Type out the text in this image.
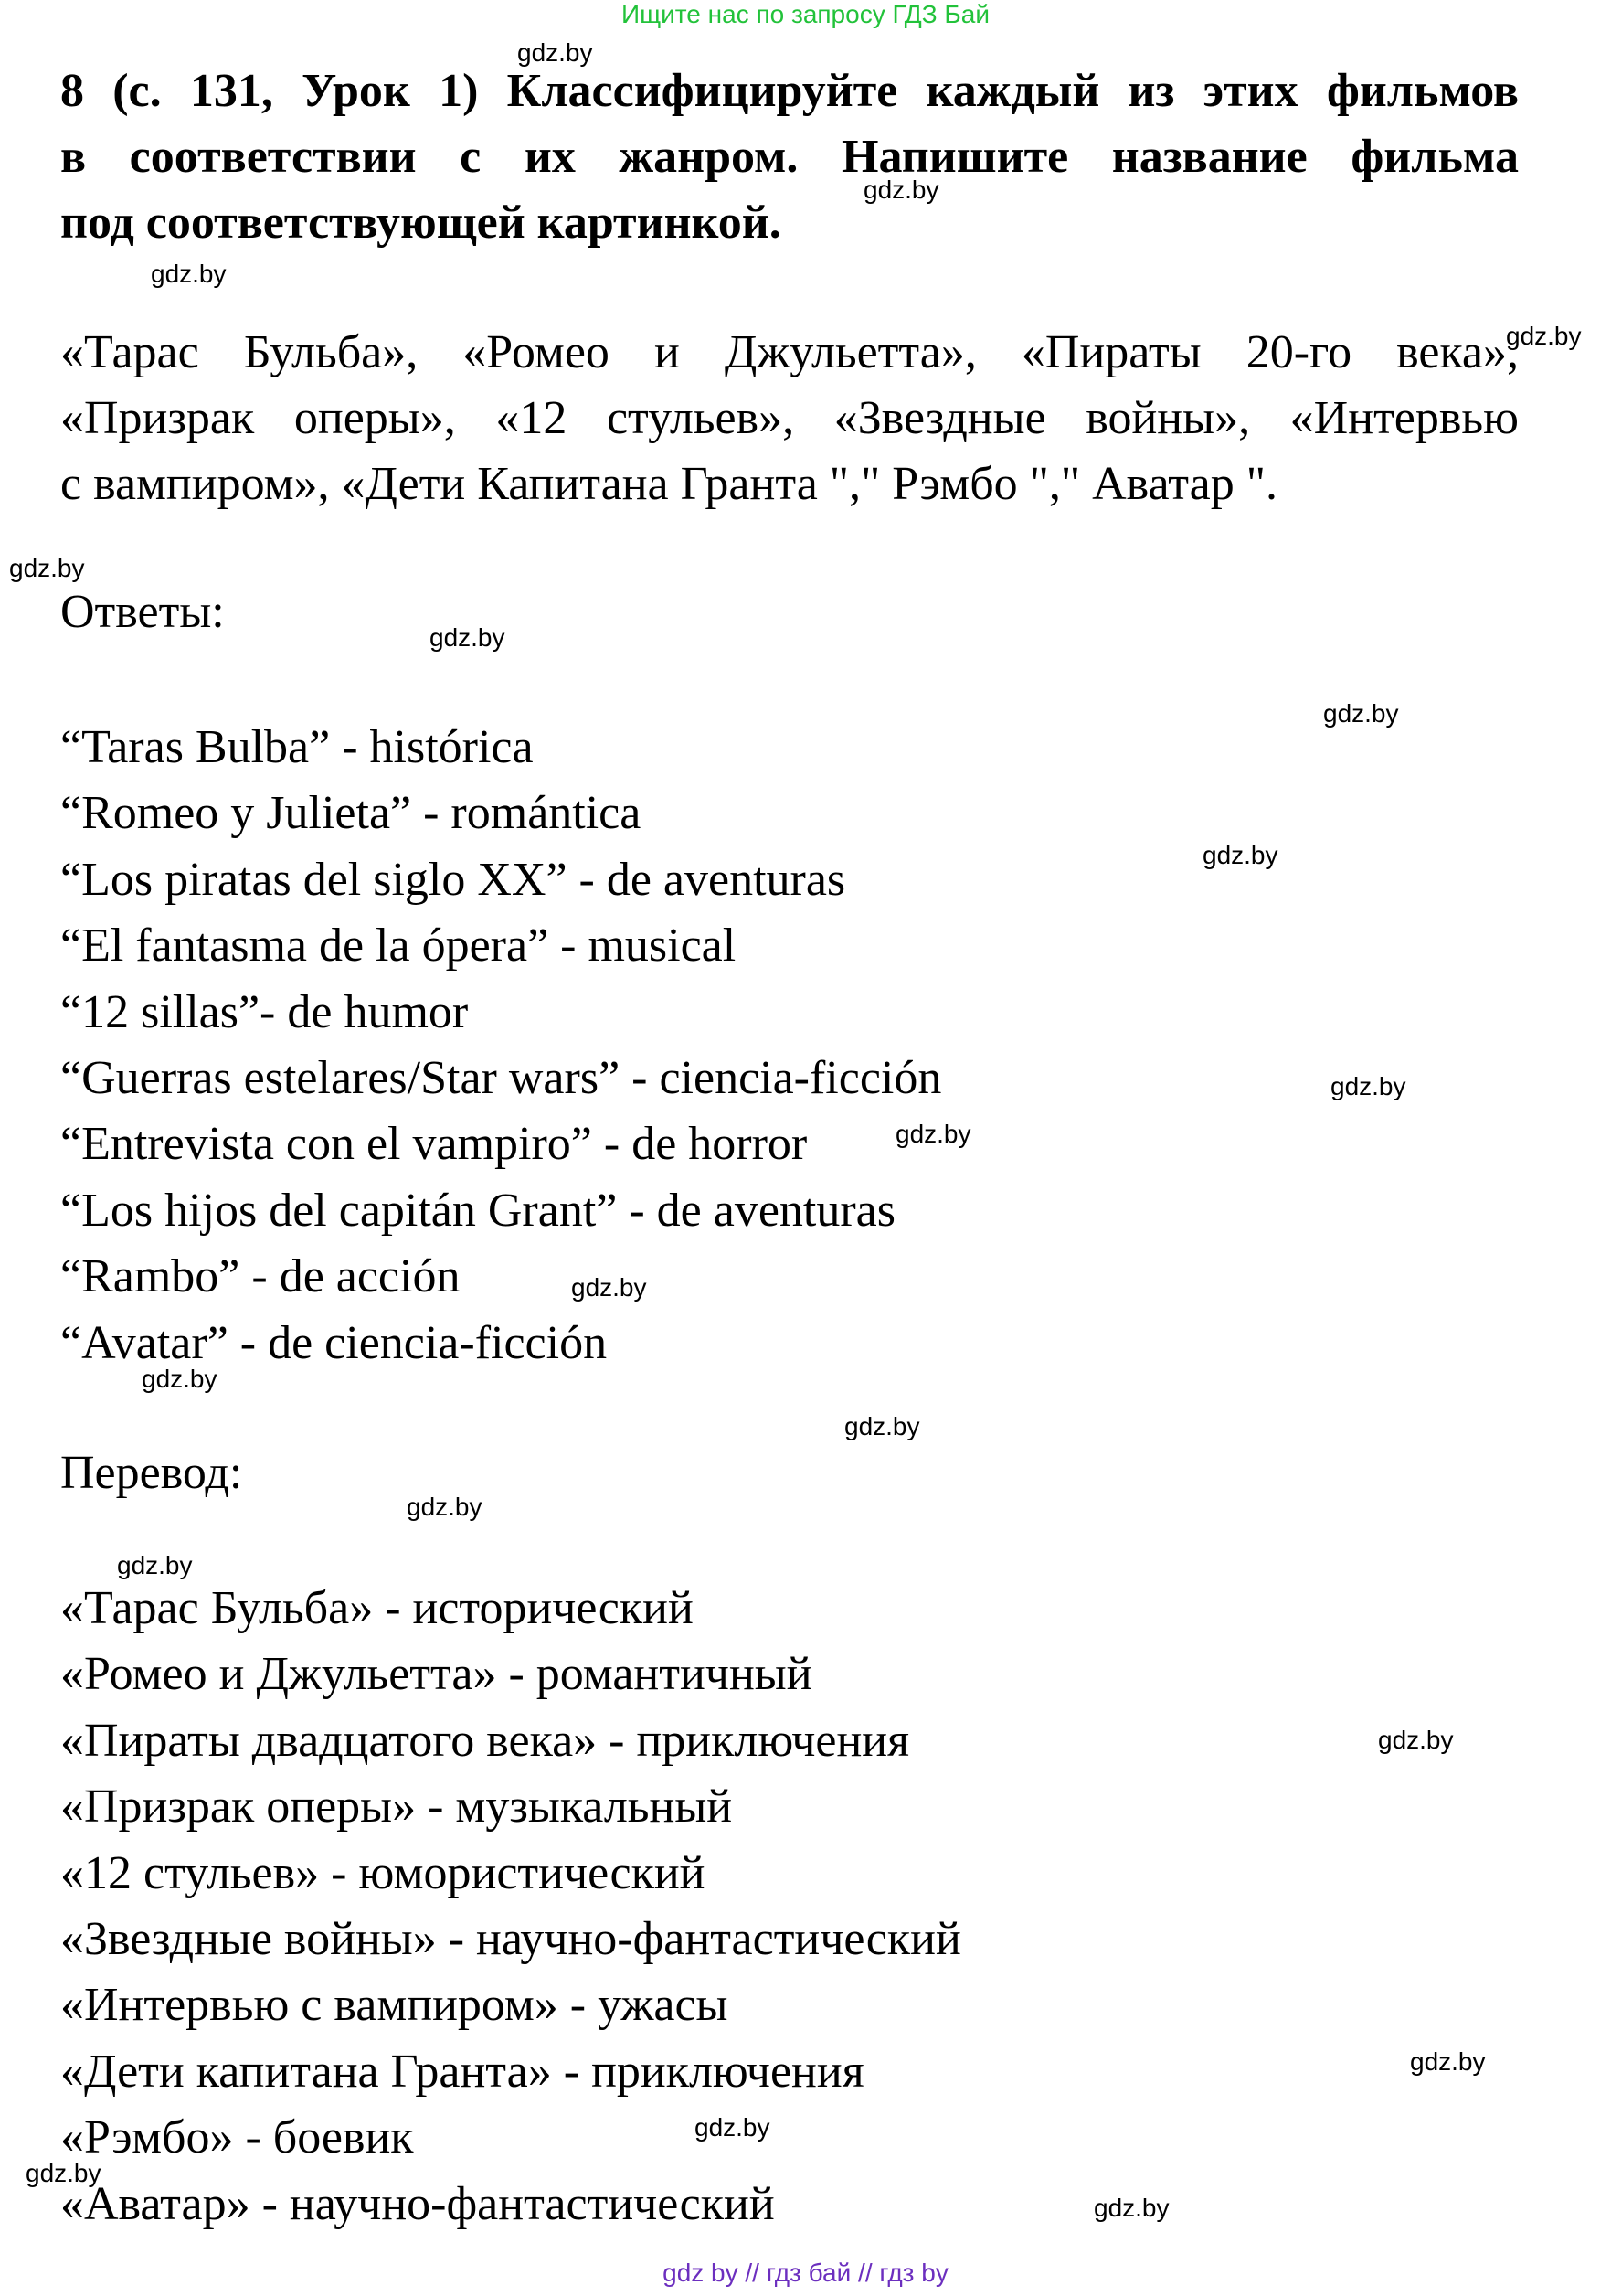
Ищите нас по запросу ГДЗ Бай
8 (с. 131, Урок 1) Классифицируйте каждый из этих фильмов
в соответствии с их жанром. Напишите название фильма
под соответствующей картинкой.
«Тарас Бульба», «Ромео и Джульетта», «Пираты 20-го века»,
«Призрак оперы», «12 стульев», «Звездные войны», «Интервью
с вампиром», «Дети Капитана Гранта "," Рэмбо "," Аватар ".
Ответы:
“Taras Bulba” - histórica
“Romeo y Julieta” - romántica
“Los piratas del siglo XX” - de aventuras
“El fantasma de la ópera” - musical
“12 sillas”- de humor
“Guerras estelares/Star wars” - ciencia-ficción
“Entrevista con el vampiro” - de horror
“Los hijos del capitán Grant” - de aventuras
“Rambo” - de acción
“Avatar” - de ciencia-ficción
Перевод:
«Тарас Бульба» - исторический
«Ромео и Джульетта» - романтичный
«Пираты двадцатого века» - приключения
«Призрак оперы» - музыкальный
«12 стульев» - юмористический
«Звездные войны» - научно-фантастический
«Интервью с вампиром» - ужасы
«Дети капитана Гранта» - приключения
«Рэмбо» - боевик
«Аватар» - научно-фантастический
gdz.by
gdz.by
gdz.by
gdz.by
gdz.by
gdz.by
gdz.by
gdz.by
gdz.by
gdz.by
gdz.by
gdz.by
gdz.by
gdz.by
gdz.by
gdz.by
gdz.by
gdz.by
gdz.by
gdz.by
gdz by // гдз бай // гдз by
